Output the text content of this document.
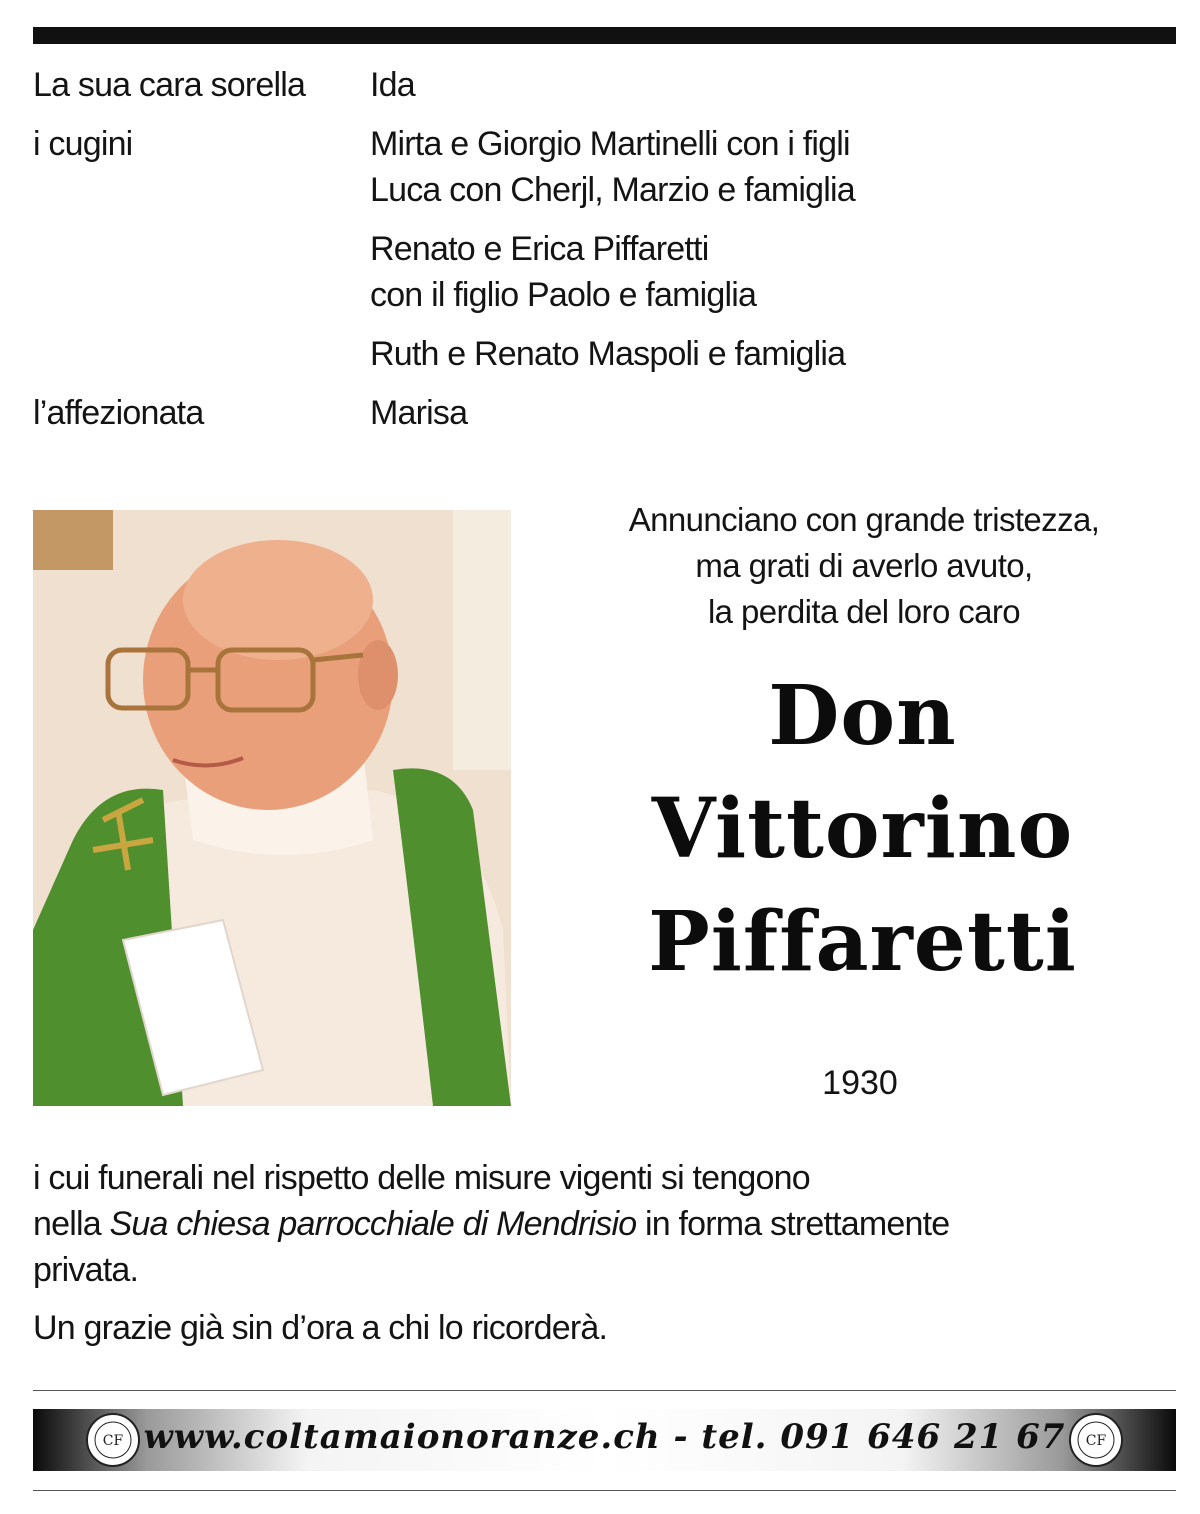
La sua cara sorella	Ida
i cugini	Mirta e Giorgio Martinelli con i figli
Luca con Cherjl, Marzio e famiglia
Renato e Erica Piffaretti
con il figlio Paolo e famiglia
Ruth e Renato Maspoli e famiglia
l’affezionata	Marisa
Annunciano con grande tristezza,
ma grati di averlo avuto,
la perdita del loro caro
Don
Vittorino
Piffaretti
1930

i cui funerali nel rispetto delle misure vigenti si tengono
nella Sua chiesa parrocchiale di Mendrisio in forma strettamente
privata.

Un grazie già sin d’ora a chi lo ricorderà.

CF www.coltamaionoranze.ch - tel. 091 646 21 67	CF
